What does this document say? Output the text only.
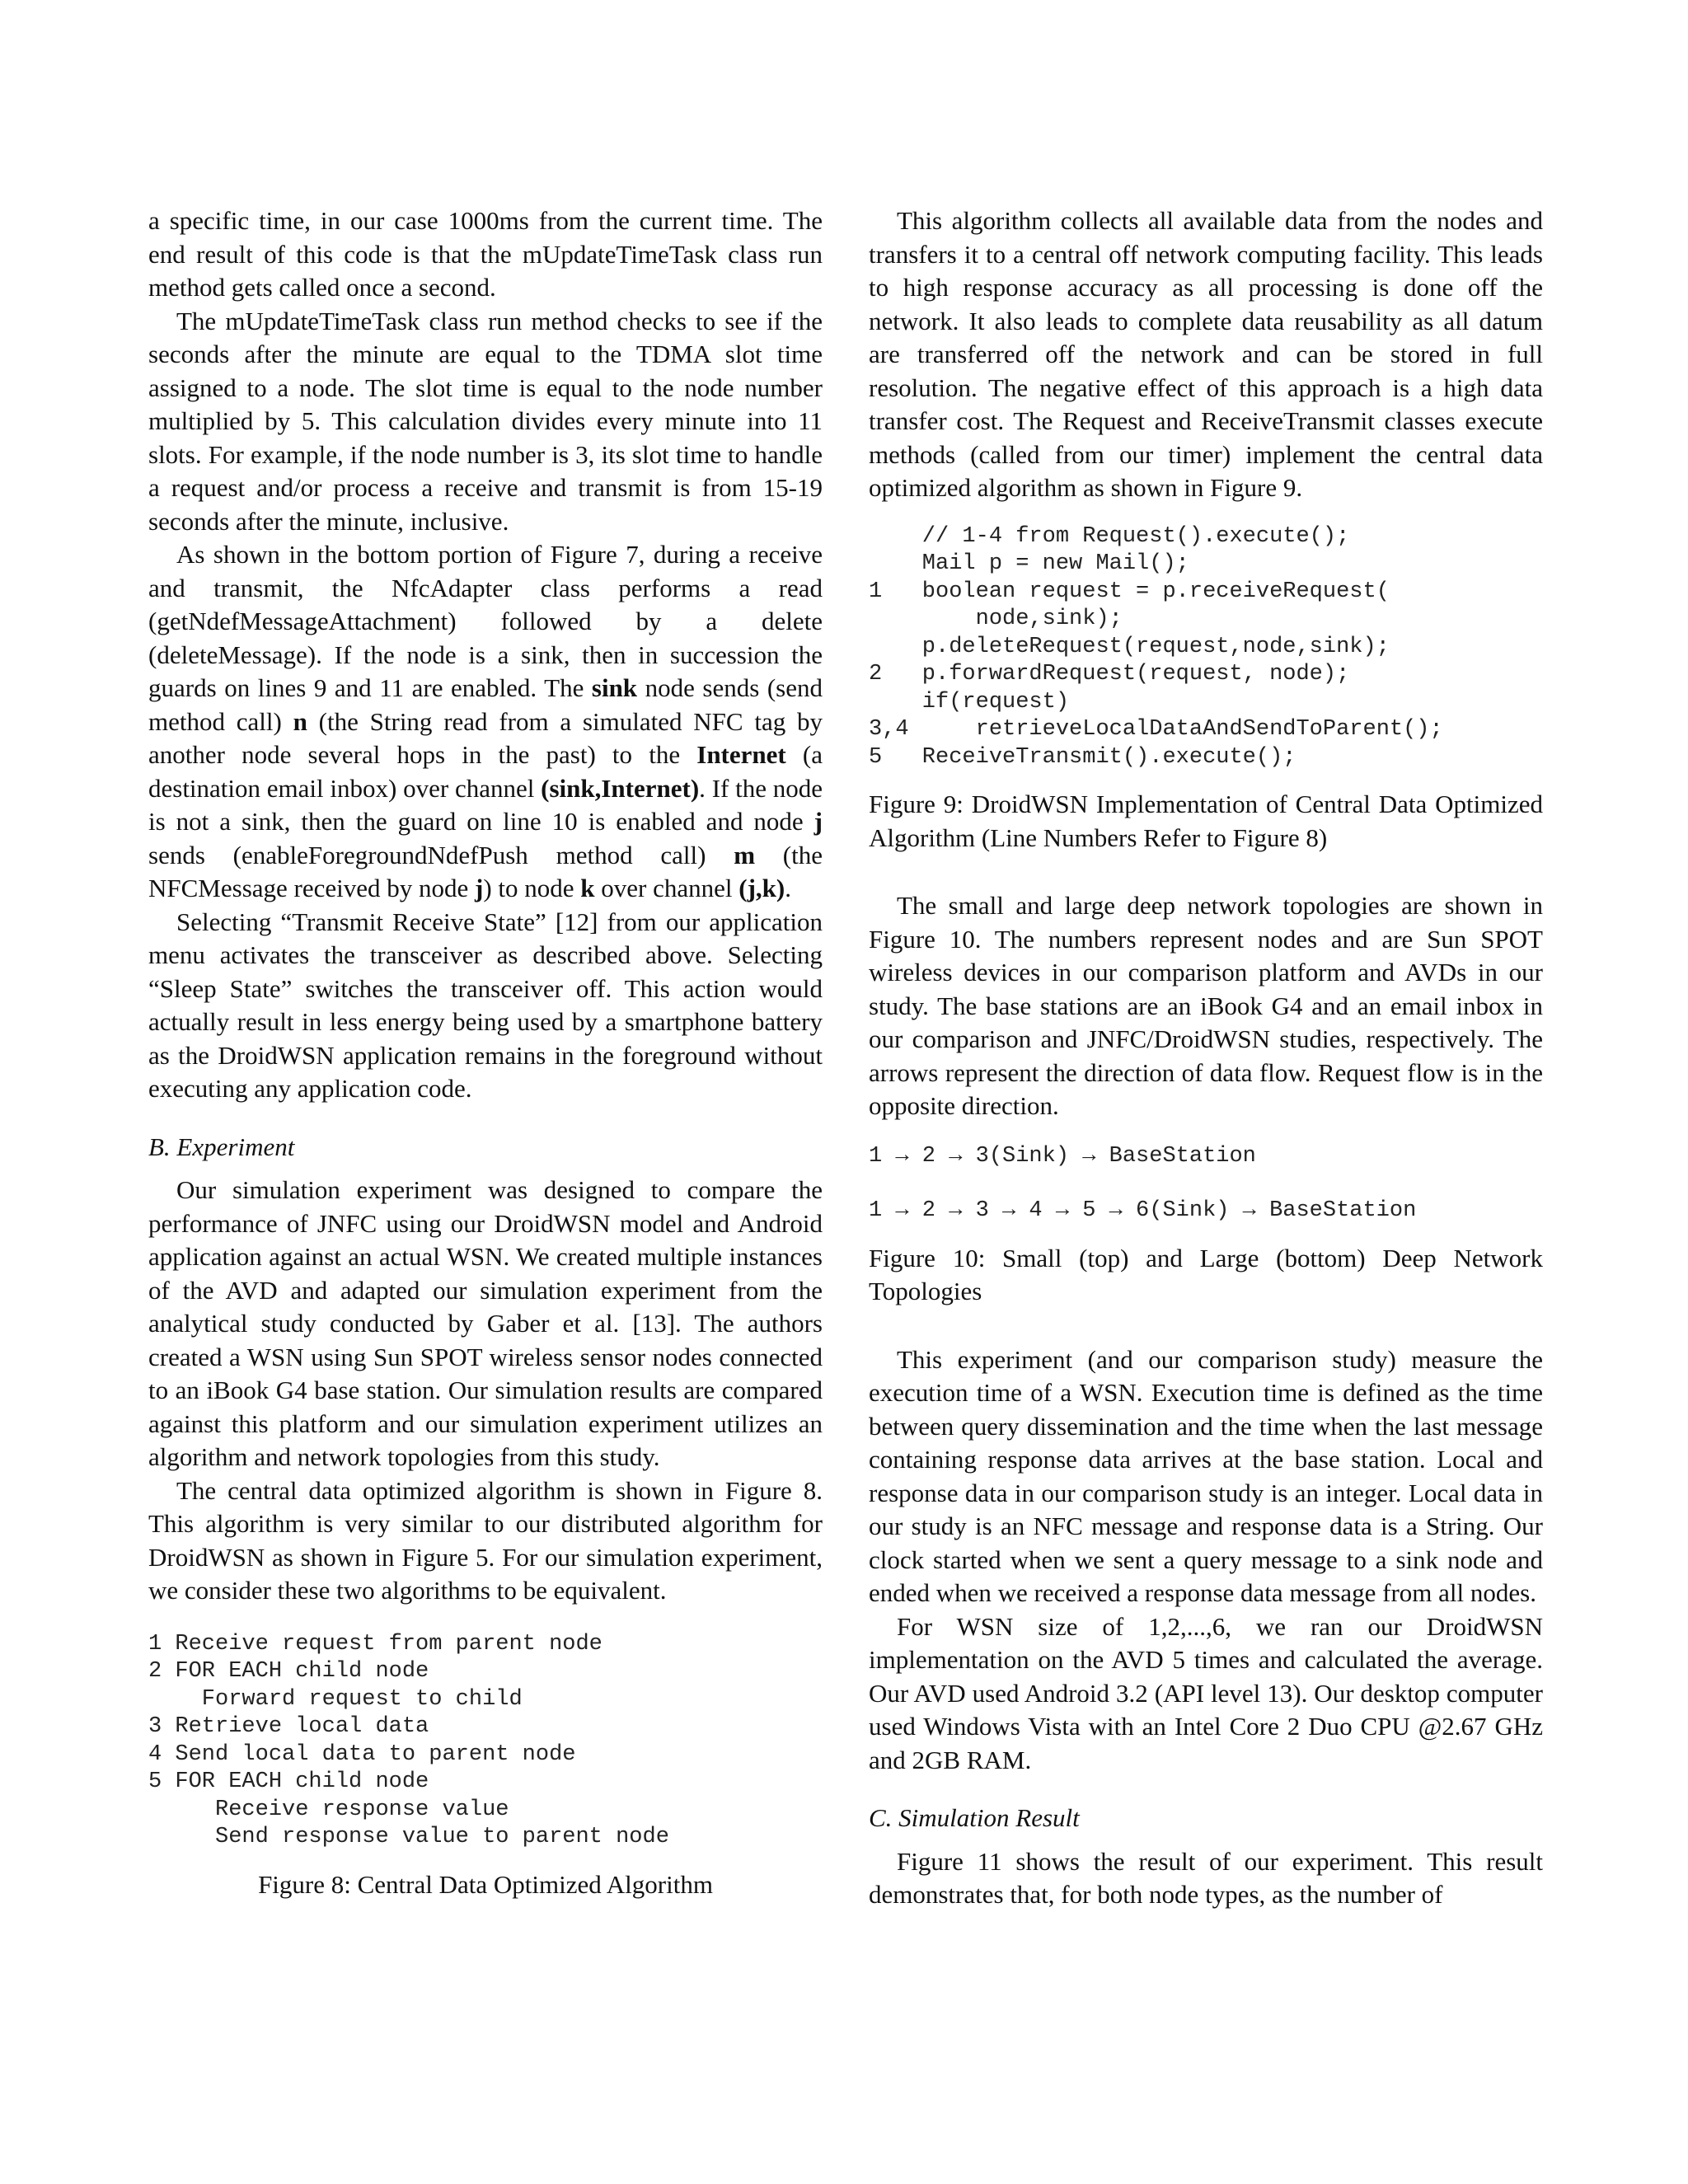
a specific time, in our case 1000ms from the current time. The end result of this code is that the mUpdateTimeTask class run method gets called once a second.

The mUpdateTimeTask class run method checks to see if the seconds after the minute are equal to the TDMA slot time assigned to a node. The slot time is equal to the node number multiplied by 5. This calculation divides every minute into 11 slots. For example, if the node number is 3, its slot time to handle a request and/or process a receive and transmit is from 15-19 seconds after the minute, inclusive.

As shown in the bottom portion of Figure 7, during a receive and transmit, the NfcAdapter class performs a read (getNdefMessageAttachment) followed by a delete (deleteMessage). If the node is a sink, then in succession the guards on lines 9 and 11 are enabled. The sink node sends (send method call) n (the String read from a simulated NFC tag by another node several hops in the past) to the Internet (a destination email inbox) over channel (sink,Internet). If the node is not a sink, then the guard on line 10 is enabled and node j sends (enableForegroundNdefPush method call) m (the NFCMessage received by node j) to node k over channel (j,k).

Selecting “Transmit Receive State” [12] from our application menu activates the transceiver as described above. Selecting “Sleep State” switches the transceiver off. This action would actually result in less energy being used by a smartphone battery as the DroidWSN application remains in the foreground without executing any application code.

B. Experiment

Our simulation experiment was designed to compare the performance of JNFC using our DroidWSN model and Android application against an actual WSN. We created multiple instances of the AVD and adapted our simulation experiment from the analytical study conducted by Gaber et al. [13]. The authors created a WSN using Sun SPOT wireless sensor nodes connected to an iBook G4 base station. Our simulation results are compared against this platform and our simulation experiment utilizes an algorithm and network topologies from this study.

The central data optimized algorithm is shown in Figure 8. This algorithm is very similar to our distributed algorithm for DroidWSN as shown in Figure 5. For our simulation experiment, we consider these two algorithms to be equivalent.

1 Receive request from parent node
2 FOR EACH child node
Forward request to child
3 Retrieve local data
4 Send local data to parent node
5 FOR EACH child node
Receive response value
Send response value to parent node

Figure 8: Central Data Optimized Algorithm

This algorithm collects all available data from the nodes and transfers it to a central off network computing facility. This leads to high response accuracy as all processing is done off the network. It also leads to complete data reusability as all datum are transferred off the network and can be stored in full resolution. The negative effect of this approach is a high data transfer cost. The Request and ReceiveTransmit classes execute methods (called from our timer) implement the central data optimized algorithm as shown in Figure 9.

// 1-4 from Request().execute();
Mail p = new Mail();
1   boolean request = p.receiveRequest(
node,sink);
p.deleteRequest(request,node,sink);
2   p.forwardRequest(request, node);
if(request)
3,4     retrieveLocalDataAndSendToParent();
5   ReceiveTransmit().execute();

Figure 9: DroidWSN Implementation of Central Data Optimized Algorithm (Line Numbers Refer to Figure 8)

The small and large deep network topologies are shown in Figure 10. The numbers represent nodes and are Sun SPOT wireless devices in our comparison platform and AVDs in our study. The base stations are an iBook G4 and an email inbox in our comparison and JNFC/DroidWSN studies, respectively. The arrows represent the direction of data flow. Request flow is in the opposite direction.

1 → 2 → 3(Sink) → BaseStation
1 → 2 → 3 → 4 → 5 → 6(Sink) → BaseStation

Figure 10: Small (top) and Large (bottom) Deep Network Topologies

This experiment (and our comparison study) measure the execution time of a WSN. Execution time is defined as the time between query dissemination and the time when the last message containing response data arrives at the base station. Local and response data in our comparison study is an integer. Local data in our study is an NFC message and response data is a String. Our clock started when we sent a query message to a sink node and ended when we received a response data message from all nodes.

For WSN size of 1,2,...,6, we ran our DroidWSN implementation on the AVD 5 times and calculated the average. Our AVD used Android 3.2 (API level 13). Our desktop computer used Windows Vista with an Intel Core 2 Duo CPU @2.67 GHz and 2GB RAM.

C. Simulation Result

Figure 11 shows the result of our experiment. This result demonstrates that, for both node types, as the number of
